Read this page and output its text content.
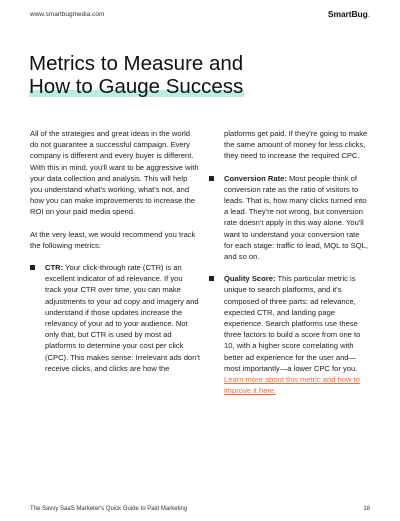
www.smartbugmedia.com	SmartBug.
Metrics to Measure and
How to Gauge Success

All of the strategies and great ideas in the world do not guarantee a successful campaign. Every company is different and every buyer is different. With this in mind, you'll want to be aggressive with your data collection and analysis. This will help you understand what's working, what's not, and how you can make improvements to increase the ROI on your paid media spend.

At the very least, we would recommend you track the following metrics:

CTR: Your click-through rate (CTR) is an excellent indicator of ad relevance. If you track your CTR over time, you can make adjustments to your ad copy and imagery and understand if those updates increase the relevancy of your ad to your audience. Not only that, but CTR is used by most ad platforms to determine your cost per click (CPC). This makes sense: Irrelevant ads don't receive clicks, and clicks are how the
platforms get paid. If they're going to make the same amount of money for less clicks, they need to increase the required CPC.
Conversion Rate: Most people think of conversion rate as the ratio of visitors to leads. That is, how many clicks turned into a lead. They're not wrong, but conversion rate doesn't apply in this way alone. You'll want to understand your conversion rate for each stage: traffic to lead, MQL to SQL, and so on.
Quality Score: This particular metric is unique to search platforms, and it's composed of three parts: ad relevance, expected CTR, and landing page experience. Search platforms use these three factors to build a score from one to 10, with a higher score correlating with better ad experience for the user and—most importantly—a lower CPC for you. Learn more about this metric and how to improve it here.
The Savvy SaaS Marketer's Quick Guide to Paid Marketing	18
